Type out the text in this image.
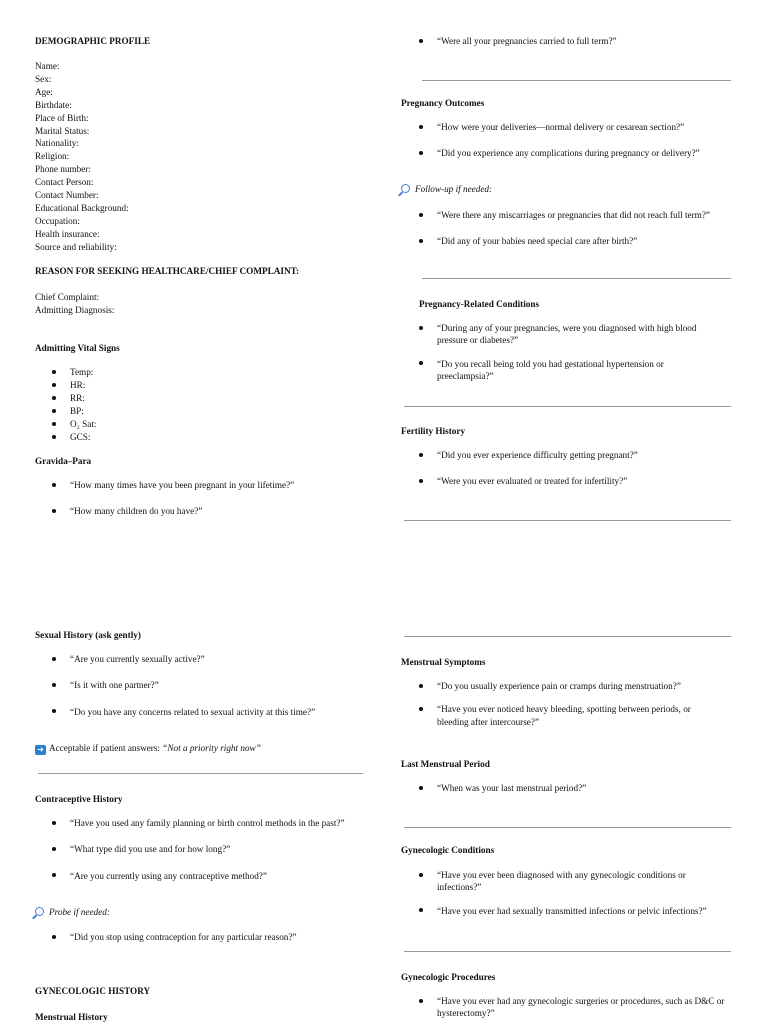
DEMOGRAPHIC PROFILE
Name:
Sex:
Age:
Birthdate:
Place of Birth:
Marital Status:
Nationality:
Religion:
Phone number:
Contact Person:
Contact Number:
Educational Background:
Occupation:
Health insurance:
Source and reliability:
REASON FOR SEEKING HEALTHCARE/CHIEF COMPLAINT:
Chief Complaint:
Admitting Diagnosis:
Admitting Vital Signs
Temp:
HR:
RR:
BP:
O₂ Sat:
GCS:
Gravida–Para
“How many times have you been pregnant in your lifetime?”
“How many children do you have?”
Sexual History (ask gently)
“Are you currently sexually active?”
“Is it with one partner?”
“Do you have any concerns related to sexual activity at this time?”
➜ Acceptable if patient answers: “Not a priority right now”
Contraceptive History
“Have you used any family planning or birth control methods in the past?”
“What type did you use and for how long?”
“Are you currently using any contraceptive method?”
Probe if needed:
“Did you stop using contraception for any particular reason?”
GYNECOLOGIC HISTORY
Menstrual History
“Were all your pregnancies carried to full term?”
Pregnancy Outcomes
“How were your deliveries—normal delivery or cesarean section?”
“Did you experience any complications during pregnancy or delivery?”
Follow-up if needed:
“Were there any miscarriages or pregnancies that did not reach full term?”
“Did any of your babies need special care after birth?”
Pregnancy-Related Conditions
“During any of your pregnancies, were you diagnosed with high blood pressure or diabetes?”
“Do you recall being told you had gestational hypertension or preeclampsia?”
Fertility History
“Did you ever experience difficulty getting pregnant?”
“Were you ever evaluated or treated for infertility?”
Menstrual Symptoms
“Do you usually experience pain or cramps during menstruation?”
“Have you ever noticed heavy bleeding, spotting between periods, or bleeding after intercourse?”
Last Menstrual Period
“When was your last menstrual period?”
Gynecologic Conditions
“Have you ever been diagnosed with any gynecologic conditions or infections?”
“Have you ever had sexually transmitted infections or pelvic infections?”
Gynecologic Procedures
“Have you ever had any gynecologic surgeries or procedures, such as D&C or hysterectomy?”
